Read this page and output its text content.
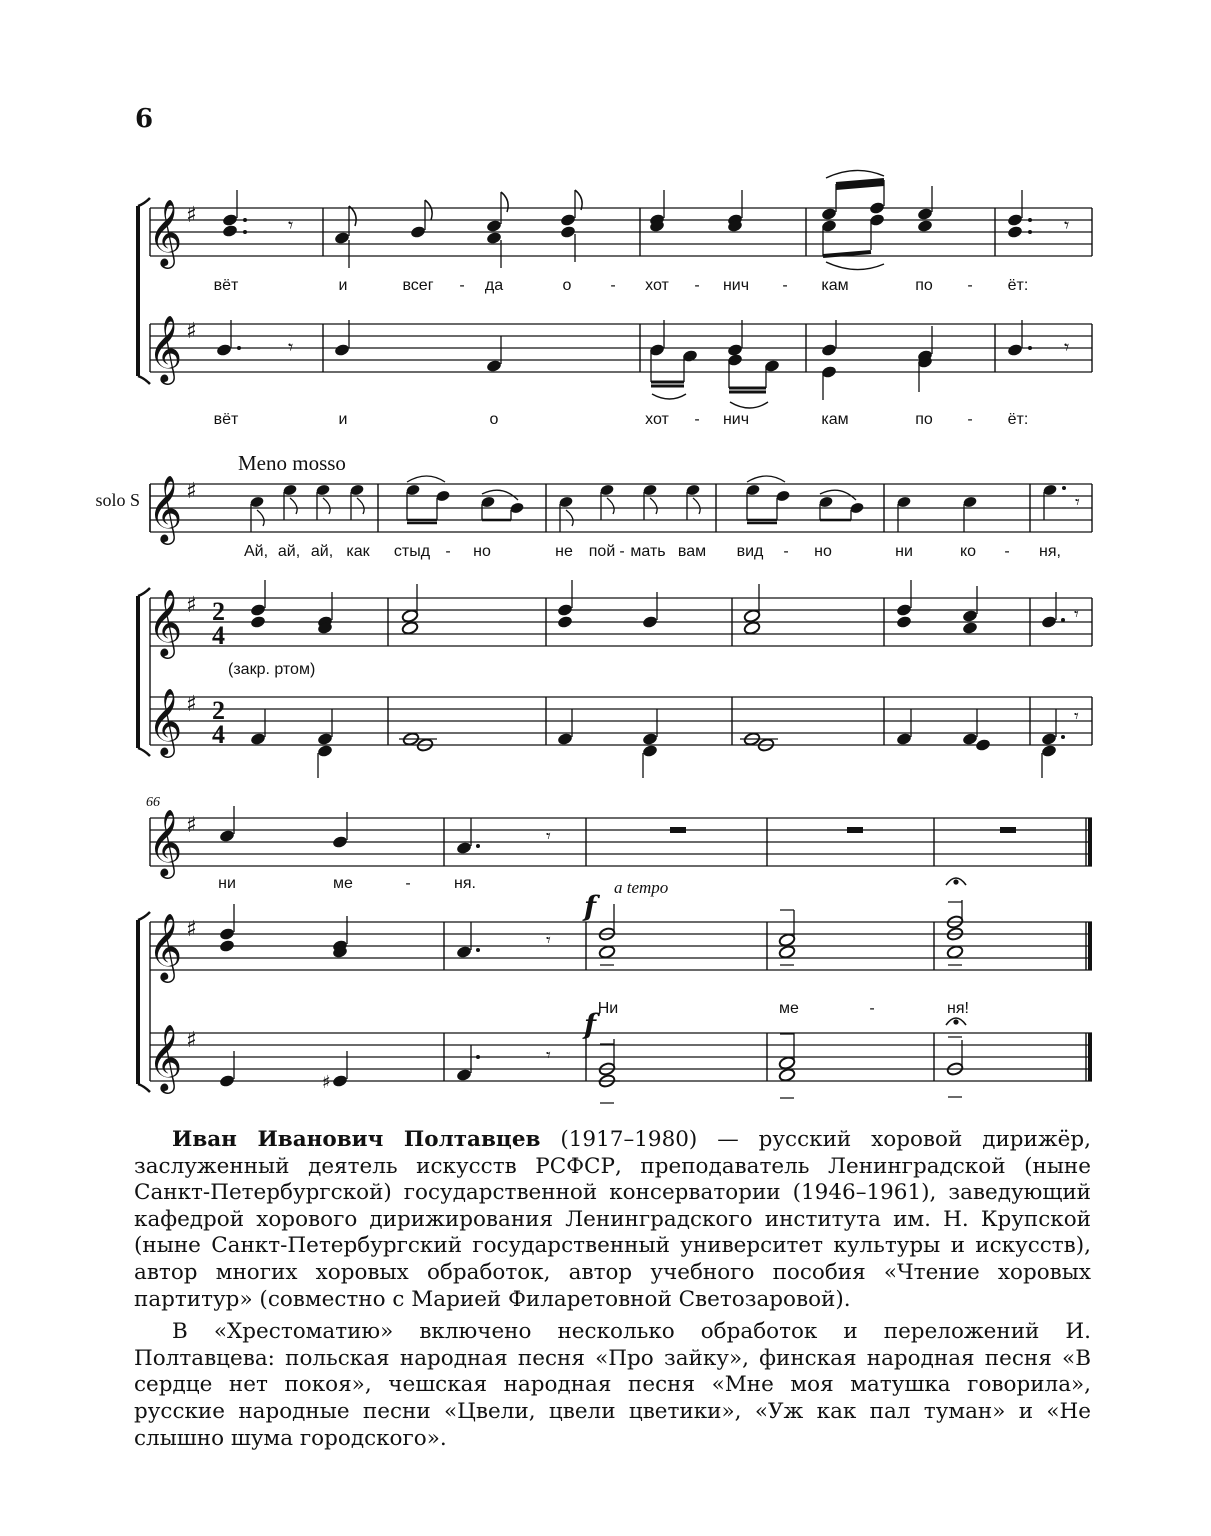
6
𝄞
𝄞
♯
♯
𝄾	𝄾
𝄾	𝄾
вёт	и	всег - да	о - хот - нич - кам	по - ёт:
вёт	и	о	хот - нич	кам	по - ёт:
Meno mosso
solo S 𝄞
𝄞
𝄞
♯
♯
♯
2
4
2
4
𝄾
𝄾
(закр. ртом)
𝄾
Ай, ай, ай, как стыд - но	не пой - мать вам вид - но	ни	ко - ня,
66
𝄞
𝄞
𝄞
♯
♯
♯
𝄾
𝄾
♯
𝄾
f
f
a tempo
ни	ме	-	ня.
Ни	ме	-	ня!

Иван Иванович Полтавцев (1917–1980) — русский хоровой дирижёр, заслуженный деятель искусств РСФСР, преподаватель Ленинградской (ныне Санкт-Петербургской) государственной консерватории (1946–1961), заведующий кафедрой хорового дирижирования Ленинградского института им. Н. Крупской (ныне Санкт-Петербургский государственный университет культуры и искусств), автор многих хоровых обработок, автор учебного пособия «Чтение хоровых партитур» (совместно с Марией Филаретовной Светозаровой).

В «Хрестоматию» включено несколько обработок и переложений И. Полтавцева: польская народная песня «Про зайку», финская народная песня «В сердце нет покоя», чешская народная песня «Мне моя матушка говорила», русские народные песни «Цвели, цвели цветики», «Уж как пал туман» и «Не слышно шума городского».
